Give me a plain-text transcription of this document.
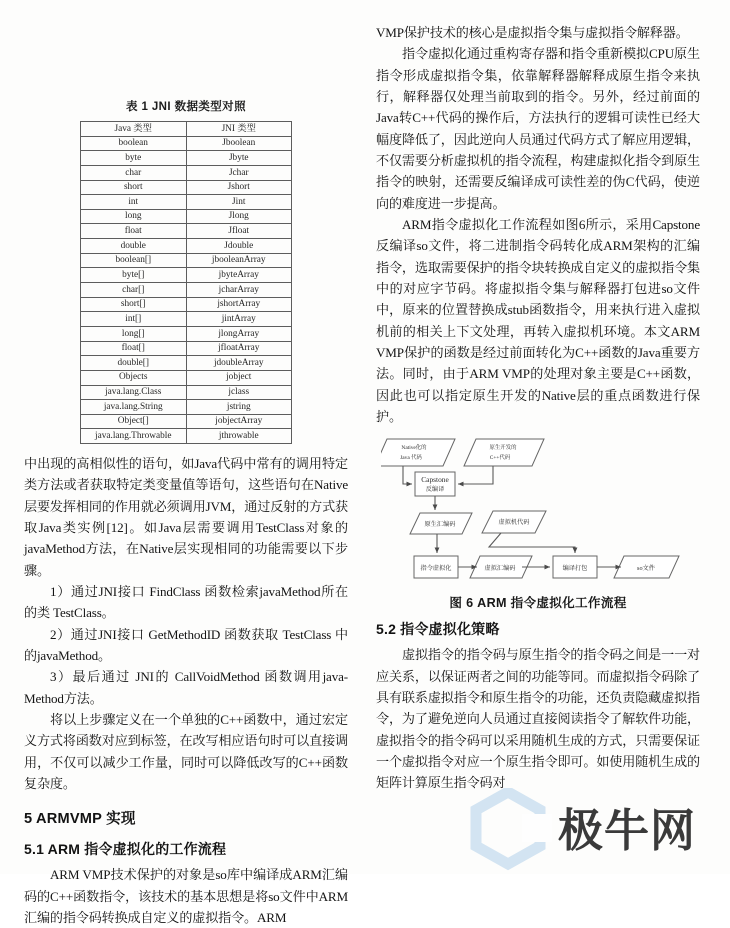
表 1 JNI 数据类型对照
Java 类型	JNI 类型
boolean	Jboolean
byte	Jbyte
char	Jchar
short	Jshort
int	Jint
long	Jlong
float	Jfloat
double	Jdouble
boolean[]	jbooleanArray
byte[]	jbyteArray
char[]	jcharArray
short[]	jshortArray
int[]	jintArray
long[]	jlongArray
float[]	jfloatArray
double[]	jdoubleArray
Objects	jobject
java.lang.Class	jclass
java.lang.String	jstring
Object[]	jobjectArray
java.lang.Throwable	jthrowable

中出现的高相似性的语句，如Java代码中常有的调用特定类方法或者获取特定类变量值等语句，这些语句在Native层要发挥相同的作用就必须调用JVM，通过反射的方式获取Java类实例[12]。如Java层需要调用TestClass对象的javaMethod方法，在Native层实现相同的功能需要以下步骤。

1）通过JNI接口 FindClass 函数检索javaMethod所在的类 TestClass。

2）通过JNI接口 GetMethodID 函数获取 TestClass 中的javaMethod。

3）最后通过 JNI的 CallVoidMethod 函数调用java-Method方法。

将以上步骤定义在一个单独的C++函数中，通过宏定义方式将函数对应到标签，在改写相应语句时可以直接调用，不仅可以减少工作量，同时可以降低改写的C++函数复杂度。

5 ARMVMP 实现
5.1 ARM 指令虚拟化的工作流程

ARM VMP技术保护的对象是so库中编译成ARM汇编码的C++函数指令，该技术的基本思想是将so文件中ARM汇编的指令码转换成自定义的虚拟指令。ARM

VMP保护技术的核心是虚拟指令集与虚拟指令解释器。

指令虚拟化通过重构寄存器和指令重新模拟CPU原生指令形成虚拟指令集，依靠解释器解释成原生指令来执行，解释器仅处理当前取到的指令。另外，经过前面的Java转C++代码的操作后，方法执行的逻辑可读性已经大幅度降低了，因此逆向人员通过代码方式了解应用逻辑，不仅需要分析虚拟机的指令流程，构建虚拟化指令到原生指令的映射，还需要反编译成可读性差的伪C代码，使逆向的难度进一步提高。

ARM指令虚拟化工作流程如图6所示，采用Capstone反编译so文件，将二进制指令码转化成ARM架构的汇编指令，选取需要保护的指令块转换成自定义的虚拟指令集中的对应字节码。将虚拟指令集与解释器打包进so文件中，原来的位置替换成stub函数指令，用来执行进入虚拟机前的相关上下文处理，再转入虚拟机环境。本文ARM VMP保护的函数是经过前面转化为C++函数的Java重要方法。同时，由于ARM VMP的处理对象主要是C++函数，因此也可以指定原生开发的Native层的重点函数进行保护。

Native化的
Java 代码
原生开发的
C++代码
Capstone
反编译
原生汇编码	虚拟机代码
指令虚拟化	虚拟汇编码	编译打包	so文件
图 6 ARM 指令虚拟化工作流程
5.2 指令虚拟化策略

虚拟指令的指令码与原生指令的指令码之间是一一对应关系，以保证两者之间的功能等同。而虚拟指令码除了具有联系虚拟指令和原生指令的功能，还负责隐藏虚拟指令，为了避免逆向人员通过直接阅读指令了解软件功能，虚拟指令的指令码可以采用随机生成的方式，只需要保证一个虚拟指令对应一个原生指令即可。如使用随机生成的矩阵计算原生指令码对

极牛网
